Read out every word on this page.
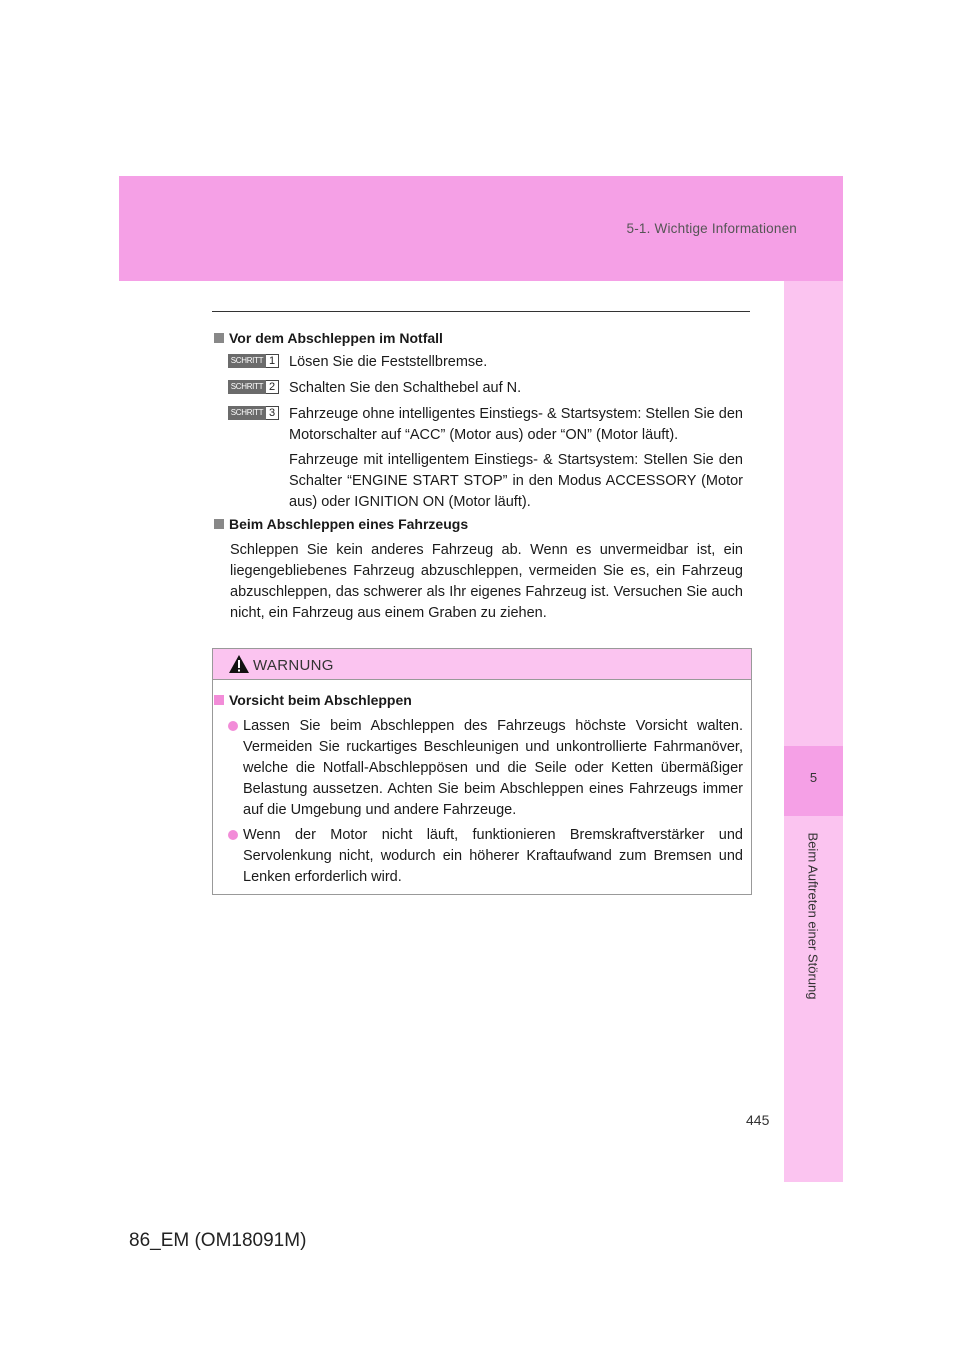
5-1. Wichtige Informationen
5
Beim Auftreten einer Störung
Vor dem Abschleppen im Notfall
SCHRITT 1 Lösen Sie die Feststellbremse.
SCHRITT 2 Schalten Sie den Schalthebel auf N.
SCHRITT 3 Fahrzeuge ohne intelligentes Einstiegs- & Startsystem: Stellen Sie den Motorschalter auf “ACC” (Motor aus) oder “ON” (Motor läuft).
Fahrzeuge mit intelligentem Einstiegs- & Startsystem: Stellen Sie den Schalter “ENGINE START STOP” in den Modus ACCESSORY (Motor aus) oder IGNITION ON (Motor läuft).
Beim Abschleppen eines Fahrzeugs
Schleppen Sie kein anderes Fahrzeug ab. Wenn es unvermeidbar ist, ein liegengebliebenes Fahrzeug abzuschleppen, vermeiden Sie es, ein Fahrzeug abzuschleppen, das schwerer als Ihr eigenes Fahrzeug ist. Versuchen Sie auch nicht, ein Fahrzeug aus einem Graben zu ziehen.
WARNUNG
Vorsicht beim Abschleppen
Lassen Sie beim Abschleppen des Fahrzeugs höchste Vorsicht walten. Vermeiden Sie ruckartiges Beschleunigen und unkontrollierte Fahrmanöver, welche die Notfall-Abschleppösen und die Seile oder Ketten übermäßiger Belastung aussetzen. Achten Sie beim Abschleppen eines Fahrzeugs immer auf die Umgebung und andere Fahrzeuge.
Wenn der Motor nicht läuft, funktionieren Bremskraftverstärker und Servolenkung nicht, wodurch ein höherer Kraftaufwand zum Bremsen und Lenken erforderlich wird.
445
86_EM (OM18091M)
